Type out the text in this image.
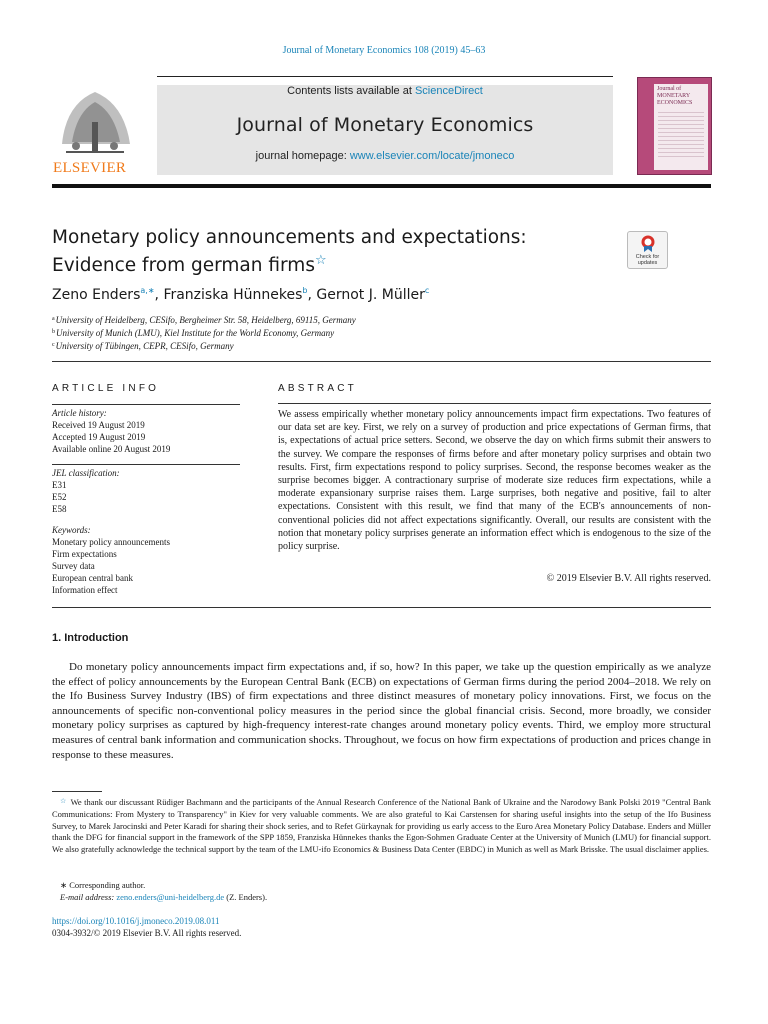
Journal of Monetary Economics 108 (2019) 45–63
ELSEVIER
Contents lists available at ScienceDirect
Journal of Monetary Economics
journal homepage: www.elsevier.com/locate/jmoneco
Journal of MONETARY ECONOMICS
Monetary policy announcements and expectations: Evidence from german firms☆	Check for updates
Zeno Enders$^{a,∗}$, Franziska Hünnekes$^b$, Gernot J. Müller$^c$
$^a$University of Heidelberg, CESifo, Bergheimer Str. 58, Heidelberg, 69115, Germany
$^b$University of Munich (LMU), Kiel Institute for the World Economy, Germany
$^c$University of Tübingen, CEPR, CESifo, Germany
ARTICLE INFO	ABSTRACT
Article history:
Received 19 August 2019
Accepted 19 August 2019
Available online 20 August 2019
JEL classification:
E31
E52
E58
Keywords:
Monetary policy announcements
Firm expectations
Survey data
European central bank
Information effect
We assess empirically whether monetary policy announcements impact firm expectations. Two features of our data set are key. First, we rely on a survey of production and price expectations of German firms, that is, expectations of actual price setters. Second, we observe the day on which firms submit their answers to the survey. We compare the responses of firms before and after monetary policy surprises and obtain two results. First, firm expectations respond to policy surprises. Second, the response becomes weaker as the surprise becomes bigger. A contractionary surprise of moderate size reduces firm expectations, while a moderate expansionary surprise raises them. Large surprises, both negative and positive, fail to alter expectations. Consistent with this result, we find that many of the ECB's announcements of non-conventional policies did not affect expectations significantly. Overall, our results are consistent with the notion that monetary policy surprises generate an information effect which is endogenous to the size of the policy surprise.
© 2019 Elsevier B.V. All rights reserved.
1. Introduction
Do monetary policy announcements impact firm expectations and, if so, how? In this paper, we take up the question empirically as we analyze the effect of policy announcements by the European Central Bank (ECB) on expectations of German firms during the period 2004–2018. We rely on the Ifo Business Survey Industry (IBS) of firm expectations and three distinct measures of monetary policy innovations. First, we focus on the announcements of specific non-conventional policy measures in the period since the global financial crisis. Second, more broadly, we consider monetary policy surprises as captured by high-frequency interest-rate changes around monetary policy events. Third, we employ more structural measures of central bank information and communication shocks. Throughout, we focus on how firm expectations of production and prices change in response to these measures.
☆ We thank our discussant Rüdiger Bachmann and the participants of the Annual Research Conference of the National Bank of Ukraine and the Narodowy Bank Polski 2019 "Central Bank Communications: From Mystery to Transparency" in Kiev for very valuable comments. We are also grateful to Kai Carstensen for sharing useful insights into the setup of the Ifo Business Survey, to Marek Jarocinski and Peter Karadi for sharing their shock series, and to Refet Gürkaynak for providing us early access to the Euro Area Monetary Policy Database. Enders and Müller thank the DFG for financial support in the framework of the SPP 1859, Franziska Hünnekes thanks the Egon-Sohmen Graduate Center at the University of Munich (LMU) for financial support. We also gratefully acknowledge the technical support by the team of the LMU-ifo Economics & Business Data Center (EBDC) in Munich as well as Mark Brisske. The usual disclaimer applies.
∗ Corresponding author.
E-mail address: zeno.enders@uni-heidelberg.de (Z. Enders).
https://doi.org/10.1016/j.jmoneco.2019.08.011
0304-3932/© 2019 Elsevier B.V. All rights reserved.
